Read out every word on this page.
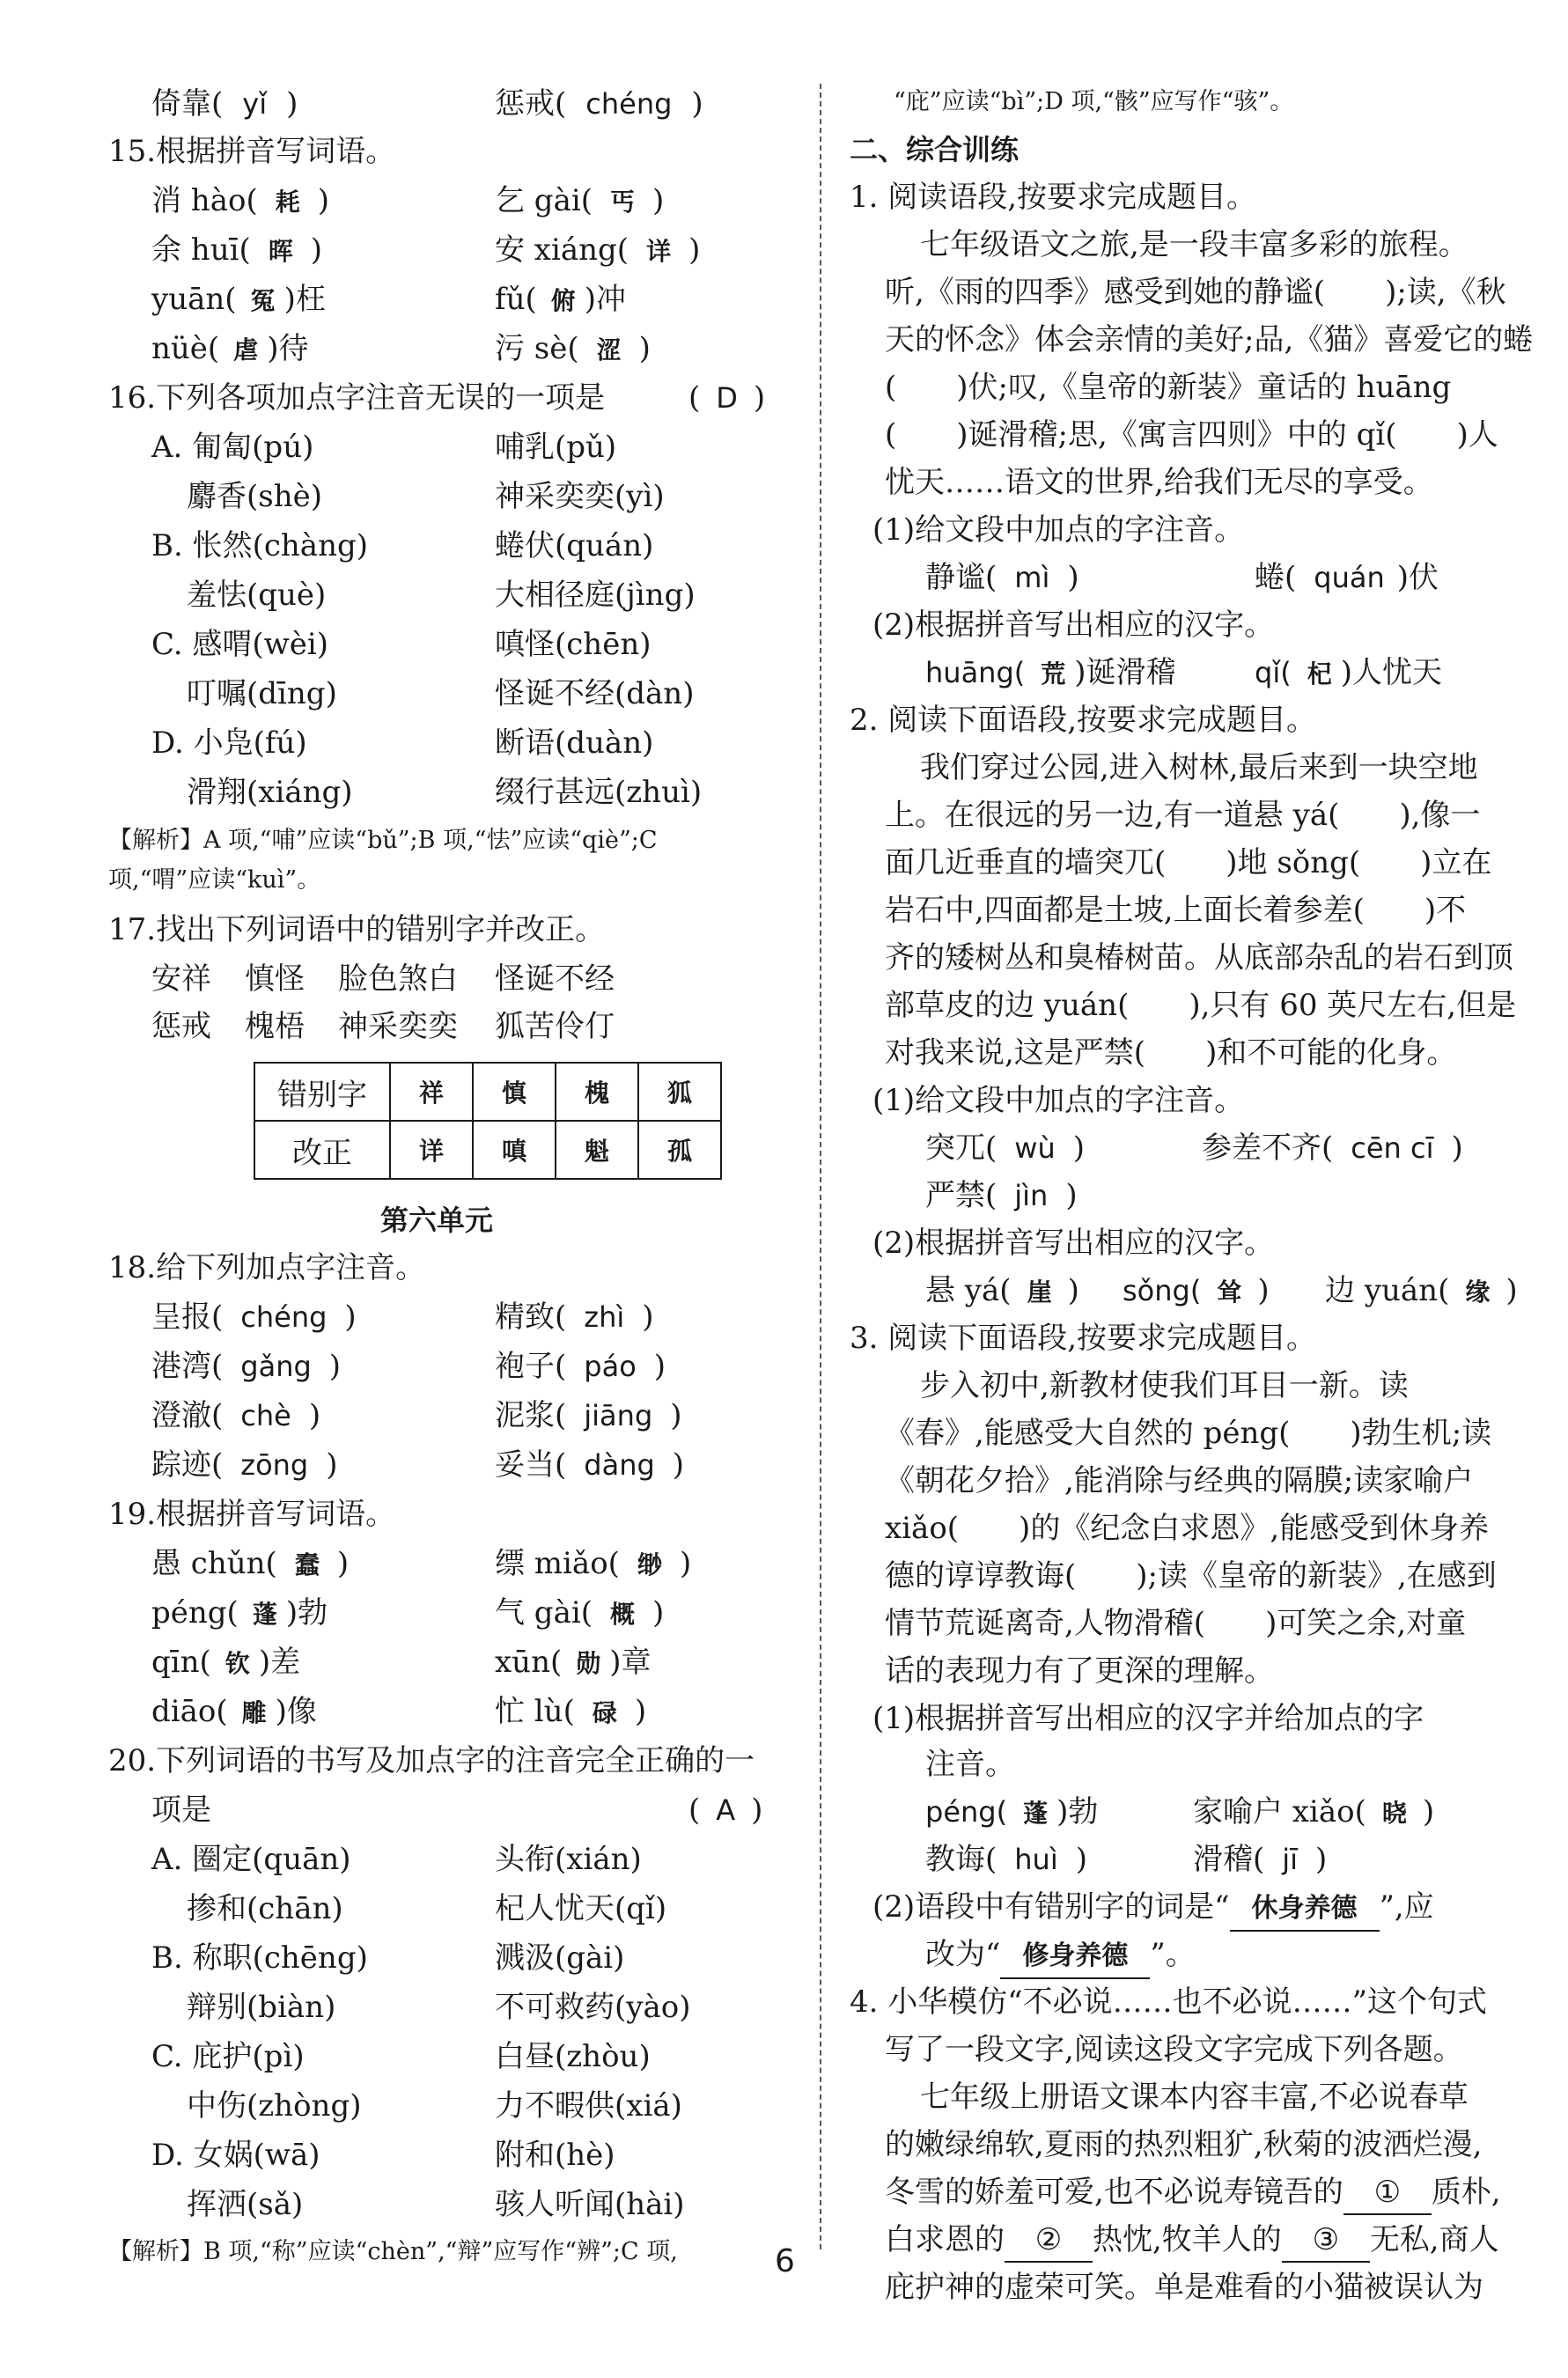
倚靠( yǐ )	惩戒( chéng )
15.根据拼音写词语。
消 hào( 耗 )	乞 gài( 丐 )
余 huī( 晖 )	安 xiáng( 详 )
yuān( 冤 )枉	fǔ( 俯 )冲
nüè( 虐 )待	污 sè( 涩 )
16.下列各项加点字注音无误的一项是	( D )
A. 匍匐(pú)	哺乳(pǔ)
麝香(shè)	神采奕奕(yì)
B. 怅然(chàng)	蜷伏(quán)
羞怯(què)	大相径庭(jìng)
C. 感喟(wèi)	嗔怪(chēn)
叮嘱(dīng)	怪诞不经(dàn)
D. 小凫(fú)	断语(duàn)
滑翔(xiáng)	缀行甚远(zhuì)
【解析】A 项,“哺”应读“bǔ”;B 项,“怯”应读“qiè”;C
项,“喟”应读“kuì”。
17.找出下列词语中的错别字并改正。
安祥 慎怪 脸色煞白 怪诞不经
惩戒 槐梧 神采奕奕 狐苦伶仃
错别字	祥	慎	槐	狐
改正	详	嗔	魁	孤
第六单元
18.给下列加点字注音。
呈报( chéng )	精致( zhì )
港湾( gǎng )	袍子( páo )
澄澈( chè )	泥浆( jiāng )
踪迹( zōng )	妥当( dàng )
19.根据拼音写词语。
愚 chǔn( 蠢 )	缥 miǎo( 缈 )
péng( 蓬 )勃	气 gài( 概 )
qīn( 钦 )差	xūn( 勋 )章
diāo( 雕 )像	忙 lù( 碌 )
20.下列词语的书写及加点字的注音完全正确的一
项是	( A )
A. 圈定(quān)	头衔(xián)
掺和(chān)	杞人忧天(qǐ)
B. 称职(chēng)	溅汲(gài)
辩别(biàn)	不可救药(yào)
C. 庇护(pì)	白昼(zhòu)
中伤(zhòng)	力不暇供(xiá)
D. 女娲(wā)	附和(hè)
挥洒(sǎ)	骇人听闻(hài)
【解析】B 项,“称”应读“chèn”,“辩”应写作“辨”;C 项,
“庇”应读“bì”;D 项,“骸”应写作“骇”。
二、综合训练
1. 阅读语段,按要求完成题目。
七年级语文之旅,是一段丰富多彩的旅程。
听,《雨的四季》感受到她的静谧(　　);读,《秋
天的怀念》体会亲情的美好;品,《猫》喜爱它的蜷
(　　)伏;叹,《皇帝的新装》童话的 huāng
(　　)诞滑稽;思,《寓言四则》中的 qǐ(　　)人
忧天……语文的世界,给我们无尽的享受。
(1)给文段中加点的字注音。
静谧( mì )	蜷( quán )伏
(2)根据拼音写出相应的汉字。
huāng( 荒 )诞滑稽	qǐ( 杞 )人忧天
2. 阅读下面语段,按要求完成题目。
我们穿过公园,进入树林,最后来到一块空地
上。在很远的另一边,有一道悬 yá(　　),像一
面几近垂直的墙突兀(　　)地 sǒng(　　)立在
岩石中,四面都是土坡,上面长着参差(　　)不
齐的矮树丛和臭椿树苗。从底部杂乱的岩石到顶
部草皮的边 yuán(　　),只有 60 英尺左右,但是
对我来说,这是严禁(　　)和不可能的化身。
(1)给文段中加点的字注音。
突兀( wù )	参差不齐( cēn cī )
严禁( jìn )
(2)根据拼音写出相应的汉字。
悬 yá( 崖 ) sǒng( 耸 ) 边 yuán( 缘 )
3. 阅读下面语段,按要求完成题目。
步入初中,新教材使我们耳目一新。读
《春》,能感受大自然的 péng(　　)勃生机;读
《朝花夕拾》,能消除与经典的隔膜;读家喻户
xiǎo(　　)的《纪念白求恩》,能感受到休身养
德的谆谆教诲(　　);读《皇帝的新装》,在感到
情节荒诞离奇,人物滑稽(　　)可笑之余,对童
话的表现力有了更深的理解。
(1)根据拼音写出相应的汉字并给加点的字
注音。
péng( 蓬 )勃	家喻户 xiǎo( 晓 )
教诲( huì )	滑稽( jī )
(2)语段中有错别字的词是“ 休身养德 ”,应
改为“ 修身养德 ”。
4. 小华模仿“不必说……也不必说……”这个句式
写了一段文字,阅读这段文字完成下列各题。
七年级上册语文课本内容丰富,不必说春草
的嫩绿绵软,夏雨的热烈粗犷,秋菊的波洒烂漫,
冬雪的娇羞可爱,也不必说寿镜吾的 ① 质朴,
白求恩的 ② 热忱,牧羊人的 ③ 无私,商人
庇护神的虚荣可笑。单是难看的小猫被误认为
6
